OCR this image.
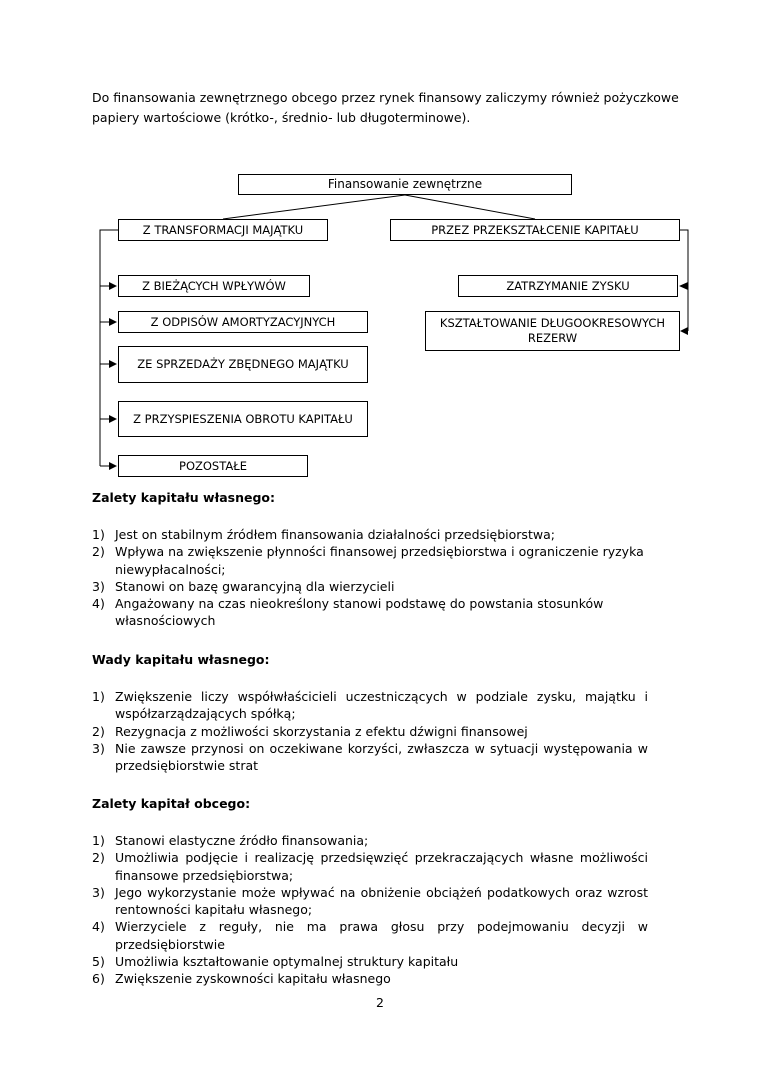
Do finansowania zewnętrznego obcego przez rynek finansowy zaliczymy również pożyczkowe papiery wartościowe (krótko-, średnio- lub długoterminowe).

Finansowanie zewnętrzne
Z TRANSFORMACJI MAJĄTKU	PRZEZ PRZEKSZTAŁCENIE KAPITAŁU
Z BIEŻĄCYCH WPŁYWÓW
Z ODPISÓW AMORTYZACYJNYCH
ZE SPRZEDAŻY ZBĘDNEGO MAJĄTKU
Z PRZYSPIESZENIA OBROTU KAPITAŁU
POZOSTAŁE
ZATRZYMANIE ZYSKU
KSZTAŁTOWANIE DŁUGOOKRESOWYCH REZERW
Zalety kapitału własnego:
1) Jest on stabilnym źródłem finansowania działalności przedsiębiorstwa;
2) Wpływa na zwiększenie płynności finansowej przedsiębiorstwa i ograniczenie ryzyka niewypłacalności;
3) Stanowi on bazę gwarancyjną dla wierzycieli
4) Angażowany na czas nieokreślony stanowi podstawę do powstania stosunków własnościowych
Wady kapitału własnego:
1) Zwiększenie liczy współwłaścicieli uczestniczących w podziale zysku, majątku i współzarządzających spółką;
2) Rezygnacja z możliwości skorzystania z efektu dźwigni finansowej
3) Nie zawsze przynosi on oczekiwane korzyści, zwłaszcza w sytuacji występowania w przedsiębiorstwie strat
Zalety kapitał obcego:
1) Stanowi elastyczne źródło finansowania;
2) Umożliwia podjęcie i realizację przedsięwzięć przekraczających własne możliwości finansowe przedsiębiorstwa;
3) Jego wykorzystanie może wpływać na obniżenie obciążeń podatkowych oraz wzrost rentowności kapitału własnego;
4) Wierzyciele z reguły, nie ma prawa głosu przy podejmowaniu decyzji w przedsiębiorstwie
5) Umożliwia kształtowanie optymalnej struktury kapitału
6) Zwiększenie zyskowności kapitału własnego
2
